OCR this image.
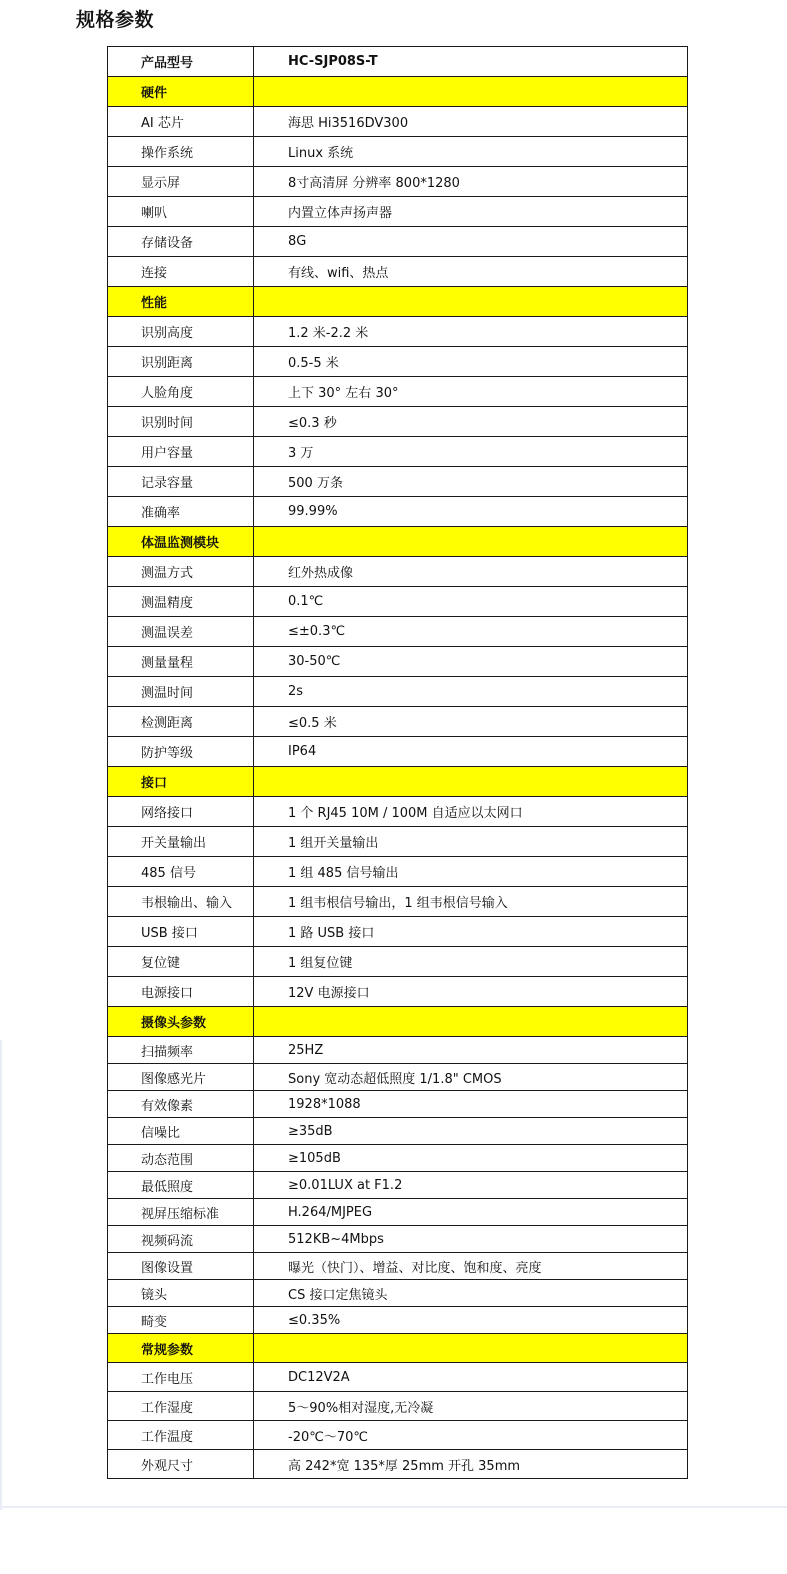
规格参数
产品型号	HC-SJP08S-T
硬件	
AI 芯片	海思 Hi3516DV300
操作系统	Linux 系统
显示屏	8寸高清屏 分辨率 800*1280
喇叭	内置立体声扬声器
存储设备	8G
连接	有线、wifi、热点
性能	
识别高度	1.2 米-2.2 米
识别距离	0.5-5 米
人脸角度	上下 30° 左右 30°
识别时间	≤0.3 秒
用户容量	3 万
记录容量	500 万条
准确率	99.99%
体温监测模块	
测温方式	红外热成像
测温精度	0.1℃
测温误差	≤±0.3℃
测量量程	30-50℃
测温时间	2s
检测距离	≤0.5 米
防护等级	IP64
接口	
网络接口	1 个 RJ45 10M / 100M 自适应以太网口
开关量输出	1 组开关量输出
485 信号	1 组 485 信号输出
韦根输出、输入	1 组韦根信号输出，1 组韦根信号输入
USB 接口	1 路 USB 接口
复位键	1 组复位键
电源接口	12V 电源接口
摄像头参数	
扫描频率	25HZ
图像感光片	Sony 宽动态超低照度 1/1.8" CMOS
有效像素	1928*1088
信噪比	≥35dB
动态范围	≥105dB
最低照度	≥0.01LUX at F1.2
视屏压缩标准	H.264/MJPEG
视频码流	512KB~4Mbps
图像设置	曝光（快门）、增益、对比度、饱和度、亮度
镜头	CS 接口定焦镜头
畸变	≤0.35%
常规参数	
工作电压	DC12V2A
工作湿度	5～90%相对湿度,无冷凝
工作温度	-20℃～70℃
外观尺寸	高 242*宽 135*厚 25mm 开孔 35mm
